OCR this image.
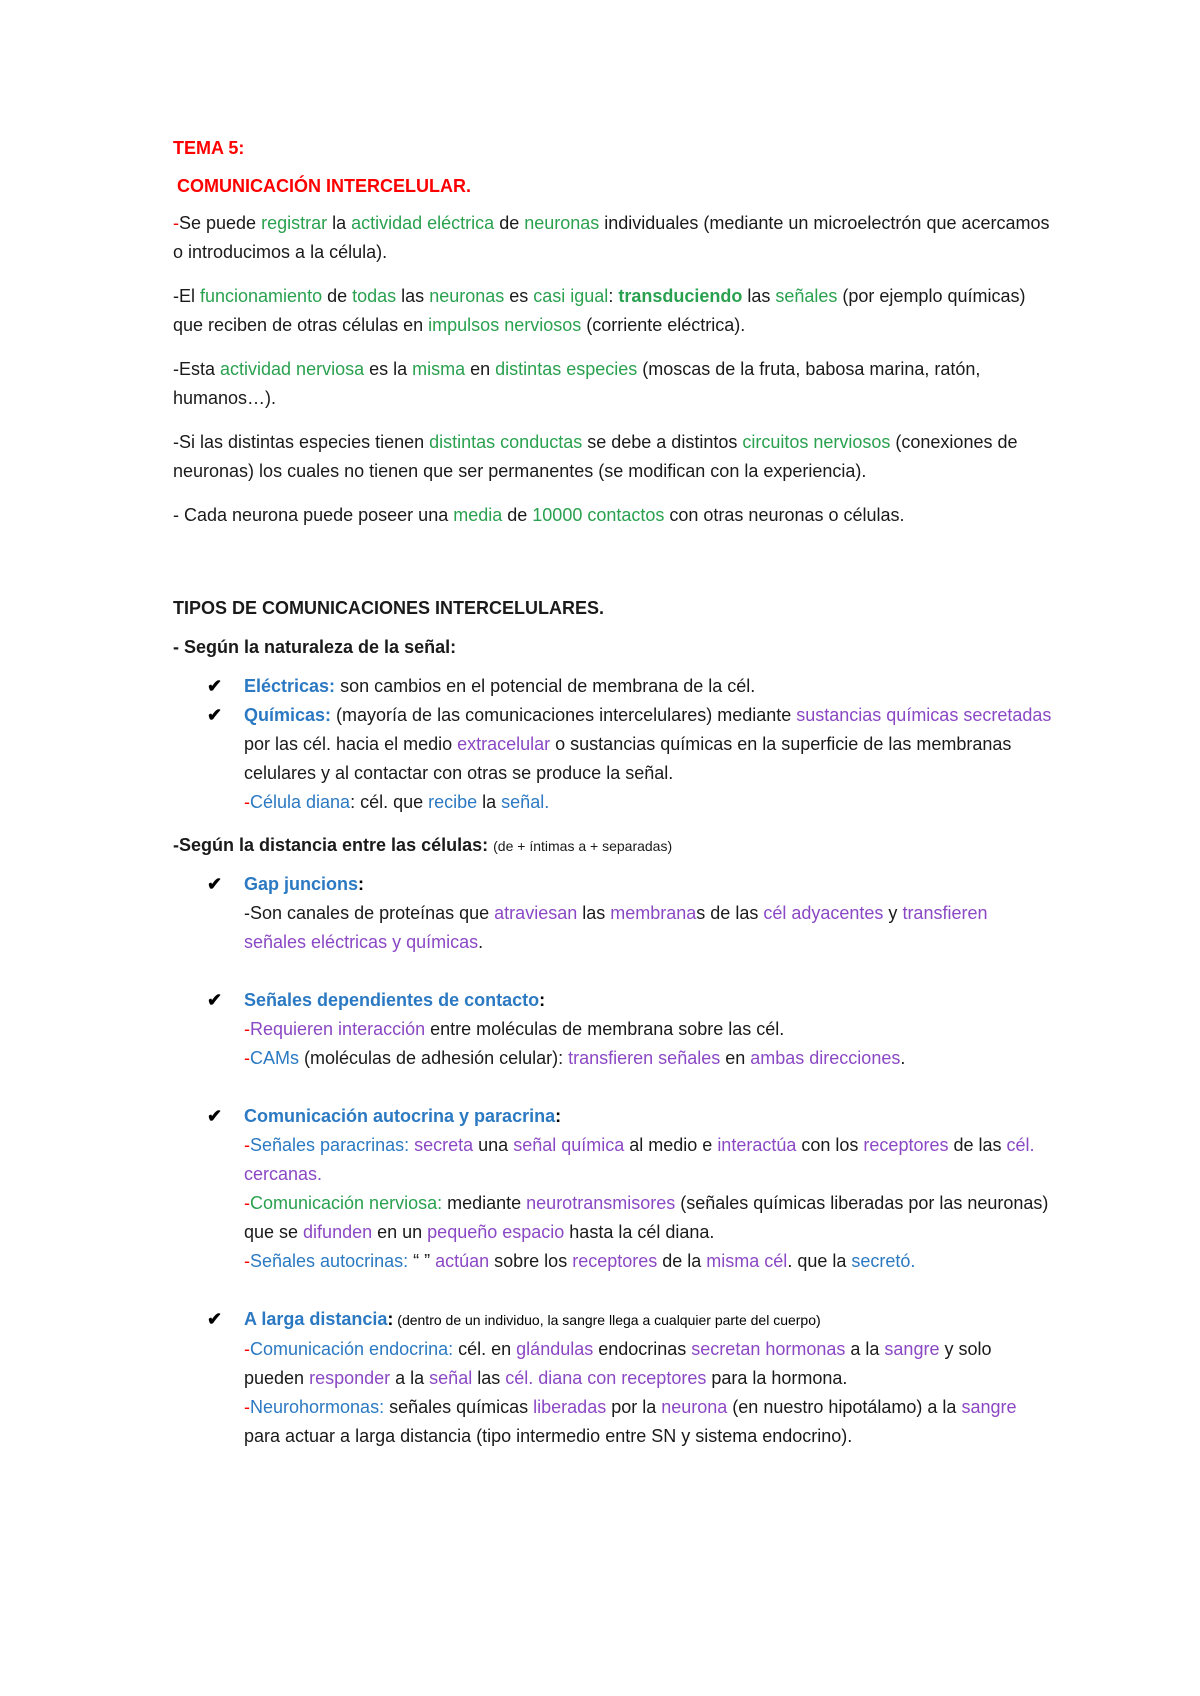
TEMA 5:

COMUNICACIÓN INTERCELULAR.

-Se puede registrar la actividad eléctrica de neuronas individuales (mediante un microelectrón que acercamos o introducimos a la célula).

-El funcionamiento de todas las neuronas es casi igual: transduciendo las señales (por ejemplo químicas) que reciben de otras células en impulsos nerviosos (corriente eléctrica).

-Esta actividad nerviosa es la misma en distintas especies (moscas de la fruta, babosa marina, ratón, humanos…).

-Si las distintas especies tienen distintas conductas se debe a distintos circuitos nerviosos (conexiones de neuronas) los cuales no tienen que ser permanentes (se modifican con la experiencia).

- Cada neurona puede poseer una media de 10000 contactos con otras neuronas o células.

TIPOS DE COMUNICACIONES INTERCELULARES.

- Según la naturaleza de la señal:

✔ Eléctricas: son cambios en el potencial de membrana de la cél.
✔ Químicas: (mayoría de las comunicaciones intercelulares) mediante sustancias químicas secretadas por las cél. hacia el medio extracelular o sustancias químicas en la superficie de las membranas celulares y al contactar con otras se produce la señal.
-Célula diana: cél. que recibe la señal.

-Según la distancia entre las células: (de + íntimas a + separadas)

✔ Gap juncions:
-Son canales de proteínas que atraviesan las membranas de las cél adyacentes y transfieren señales eléctricas y químicas.
✔ Señales dependientes de contacto:
-Requieren interacción entre moléculas de membrana sobre las cél.
-CAMs (moléculas de adhesión celular): transfieren señales en ambas direcciones.
✔ Comunicación autocrina y paracrina:
-Señales paracrinas: secreta una señal química al medio e interactúa con los receptores de las cél. cercanas.
-Comunicación nerviosa: mediante neurotransmisores (señales químicas liberadas por las neuronas) que se difunden en un pequeño espacio hasta la cél diana.
-Señales autocrinas: “ ” actúan sobre los receptores de la misma cél. que la secretó.
✔ A larga distancia: (dentro de un individuo, la sangre llega a cualquier parte del cuerpo)
-Comunicación endocrina: cél. en glándulas endocrinas secretan hormonas a la sangre y solo pueden responder a la señal las cél. diana con receptores para la hormona.
-Neurohormonas: señales químicas liberadas por la neurona (en nuestro hipotálamo) a la sangre para actuar a larga distancia (tipo intermedio entre SN y sistema endocrino).
